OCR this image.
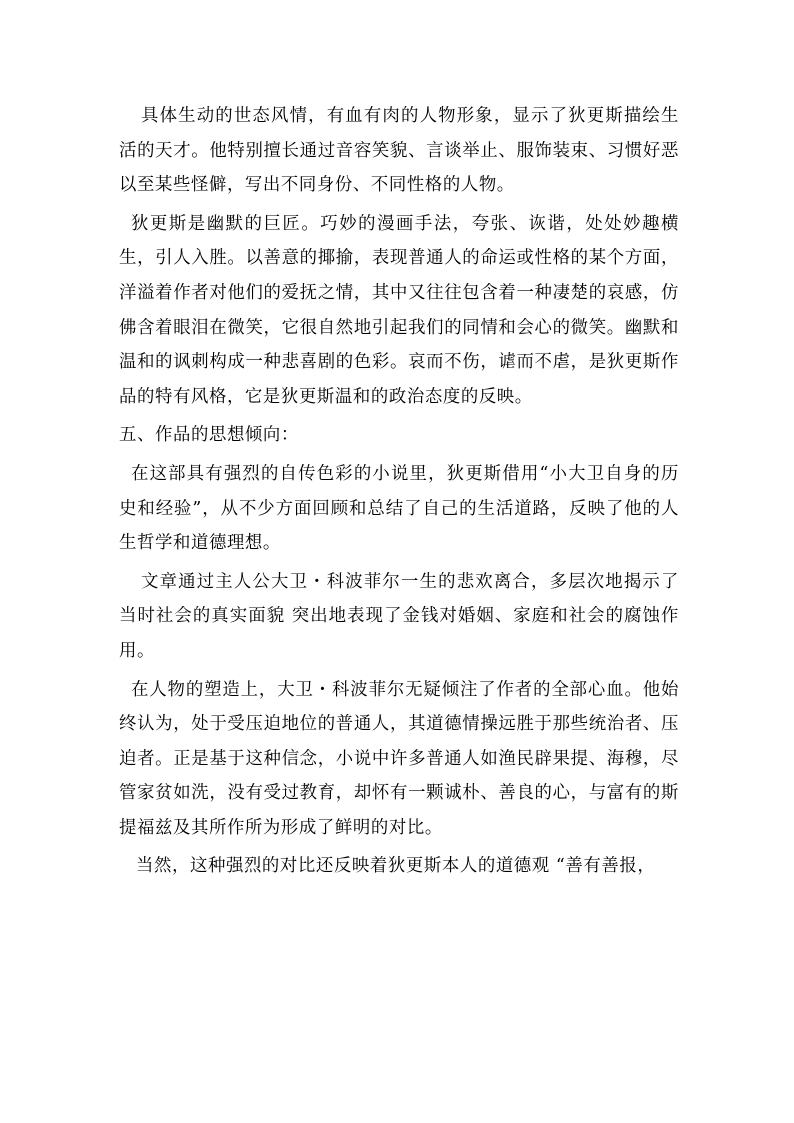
具体生动的世态风情，有血有肉的人物形象，显示了狄更斯描绘生活的天才。他特别擅长通过音容笑貌、言谈举止、服饰装束、习惯好恶以至某些怪僻，写出不同身份、不同性格的人物。

狄更斯是幽默的巨匠。巧妙的漫画手法，夸张、诙谐，处处妙趣横生，引人入胜。以善意的揶揄，表现普通人的命运或性格的某个方面，洋溢着作者对他们的爱抚之情，其中又往往包含着一种凄楚的哀感，仿佛含着眼泪在微笑，它很自然地引起我们的同情和会心的微笑。幽默和温和的讽刺构成一种悲喜剧的色彩。哀而不伤，谑而不虐，是狄更斯作品的特有风格，它是狄更斯温和的政治态度的反映。

五、作品的思想倾向：

在这部具有强烈的自传色彩的小说里，狄更斯借用“小大卫自身的历史和经验”，从不少方面回顾和总结了自己的生活道路，反映了他的人生哲学和道德理想。

文章通过主人公大卫・科波菲尔一生的悲欢离合，多层次地揭示了当时社会的真实面貌 突出地表现了金钱对婚姻、家庭和社会的腐蚀作用。

在人物的塑造上，大卫・科波菲尔无疑倾注了作者的全部心血。他始终认为，处于受压迫地位的普通人，其道德情操远胜于那些统治者、压迫者。正是基于这种信念，小说中许多普通人如渔民辟果提、海穆，尽管家贫如洗，没有受过教育，却怀有一颗诚朴、善良的心，与富有的斯提福兹及其所作所为形成了鲜明的对比。

当然，这种强烈的对比还反映着狄更斯本人的道德观 “善有善报，
